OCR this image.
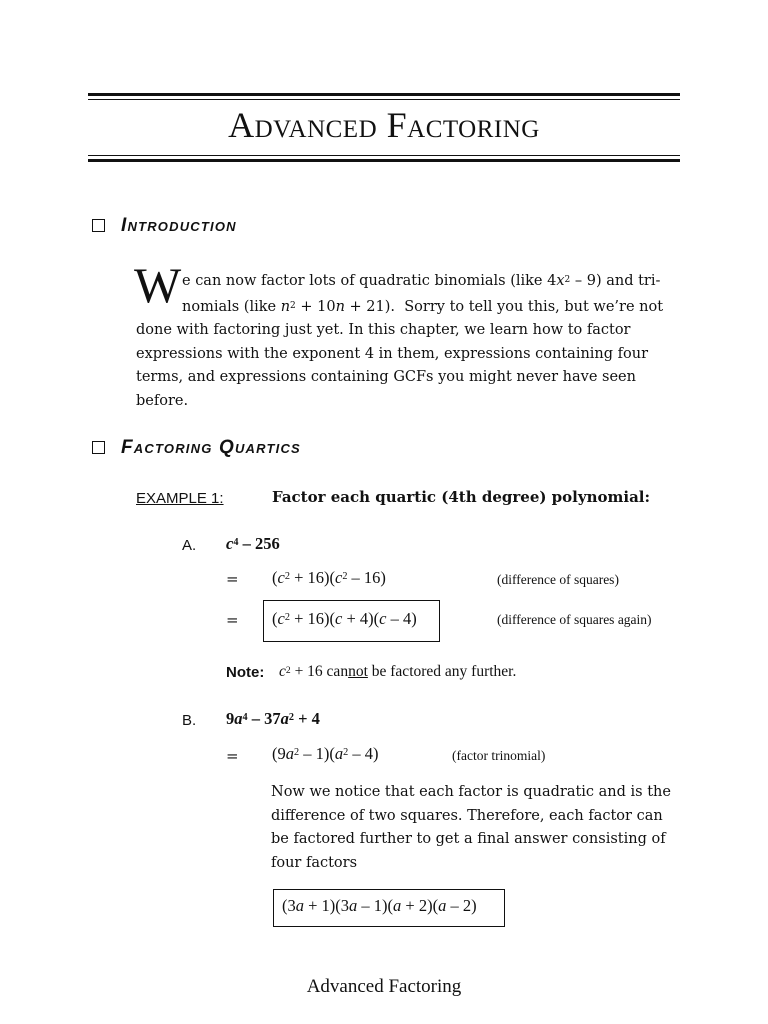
Advanced Factoring
Introduction
W e can now factor lots of quadratic binomials (like $4x^2 - 9$) and tri-
nomials (like $n^2 + 10n + 21$).  Sorry to tell you this, but we’re not
done with factoring just yet. In this chapter, we learn how to factor
expressions with the exponent 4 in them, expressions containing four
terms, and expressions containing GCFs you might never have seen
before.
Factoring Quartics
EXAMPLE 1:	Factor each quartic (4th degree) polynomial:
A. $c^4 - 256$
= $(c^2 + 16)(c^2 - 16)$	(difference of squares)
= $(c^2 + 16)(c + 4)(c - 4)$	(difference of squares again)
Note: $c^2 + 16$ cannot be factored any further.
B. $9a^4 - 37a^2 + 4$
= $(9a^2 - 1)(a^2 - 4)$	(factor trinomial)
Now we notice that each factor is quadratic and is the
difference of two squares. Therefore, each factor can
be factored further to get a final answer consisting of
four factors
(3a + 1)(3a – 1)(a + 2)(a – 2)
Advanced Factoring
